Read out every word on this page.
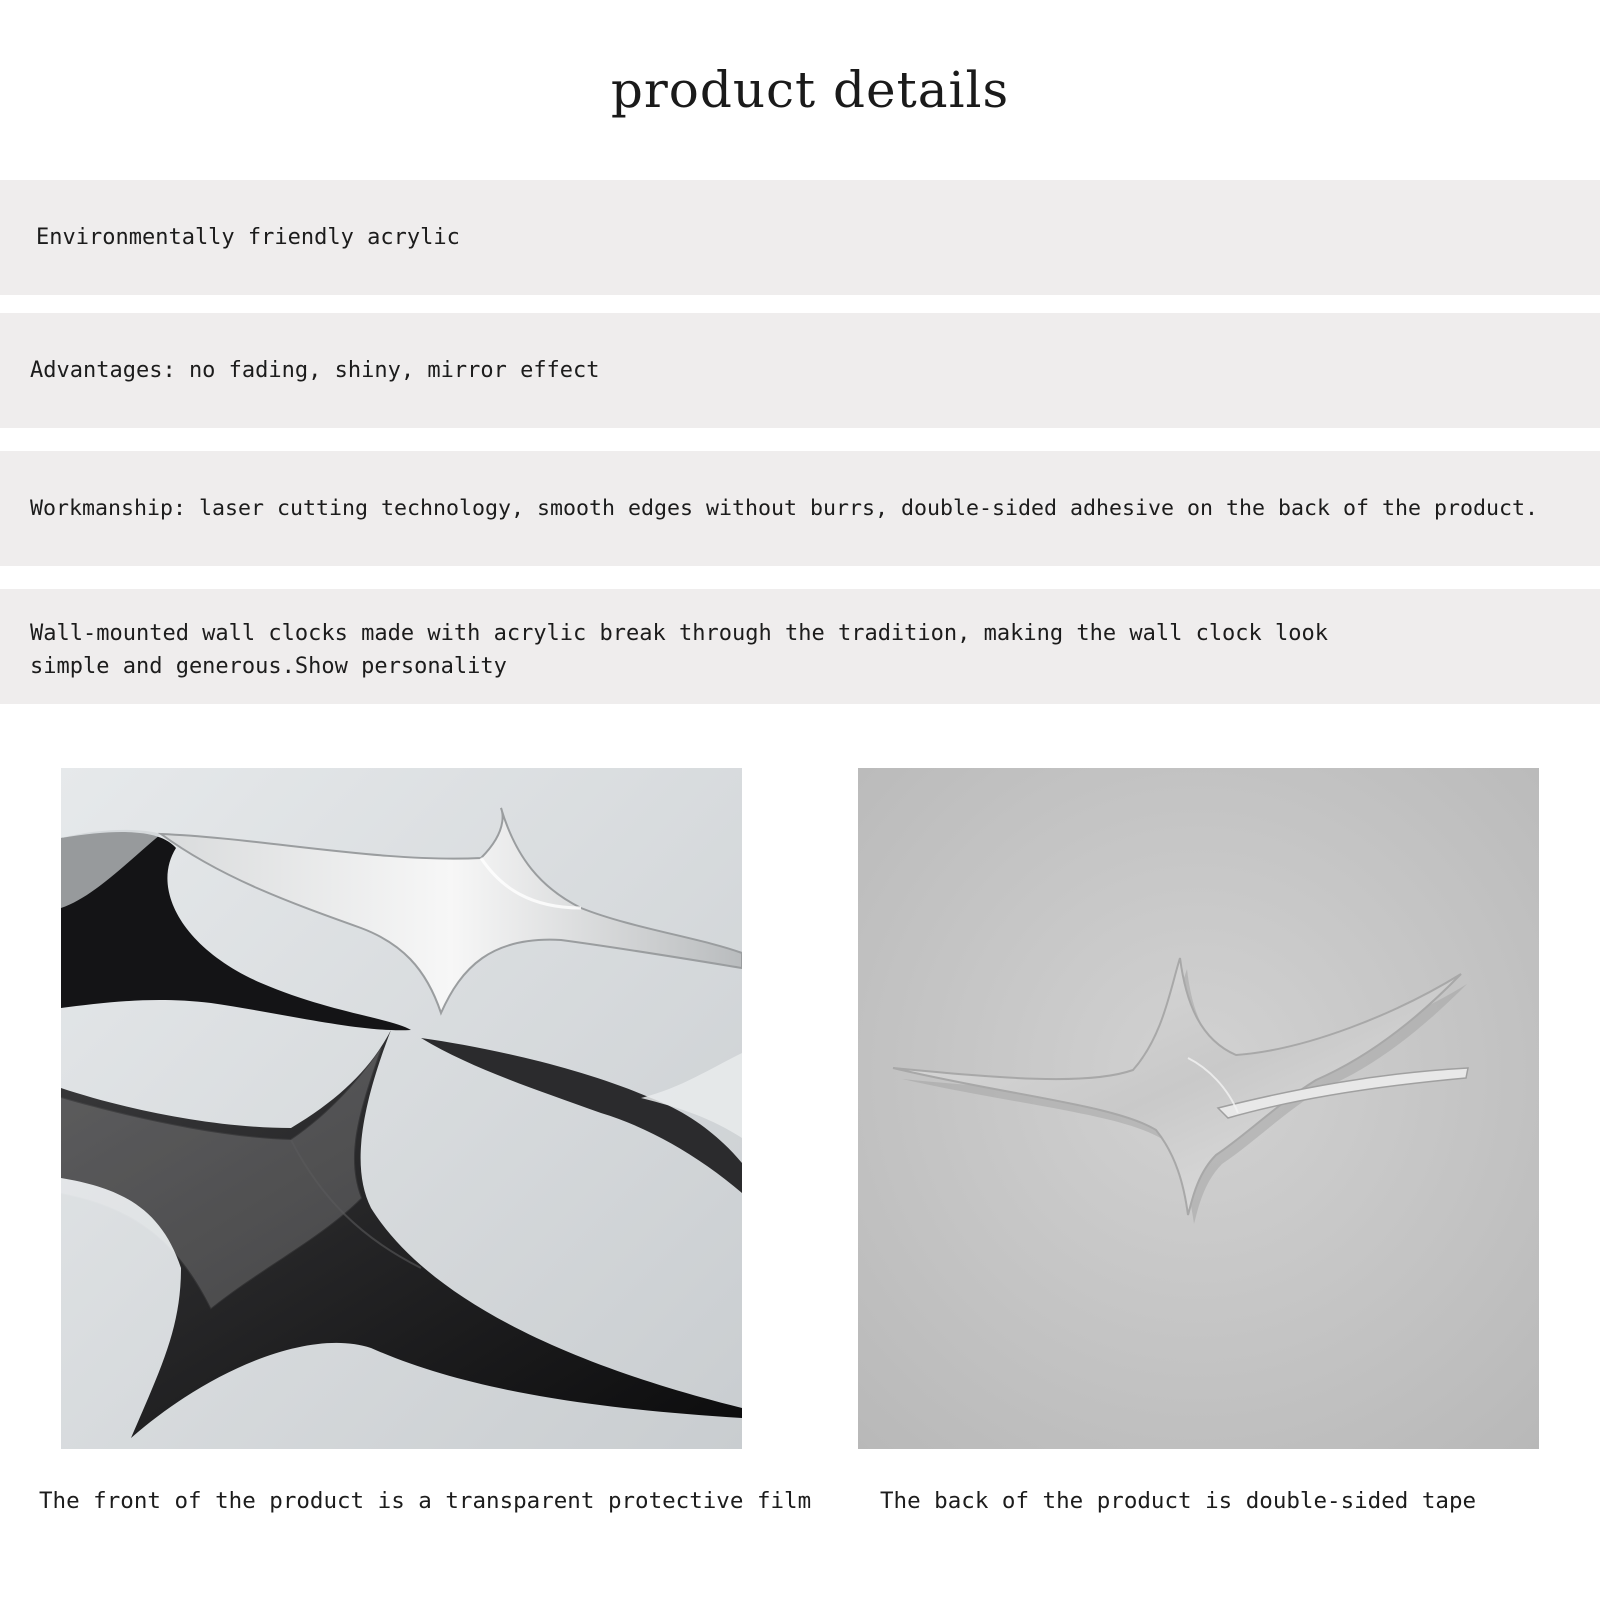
product details
Environmentally friendly acrylic
Advantages: no fading, shiny, mirror effect
Workmanship: laser cutting technology, smooth edges without burrs, double-sided adhesive on the back of the product.
Wall-mounted wall clocks made with acrylic break through the tradition, making the wall clock look
simple and generous.Show personality
The front of the product is a transparent protective film	The back of the product is double-sided tape
